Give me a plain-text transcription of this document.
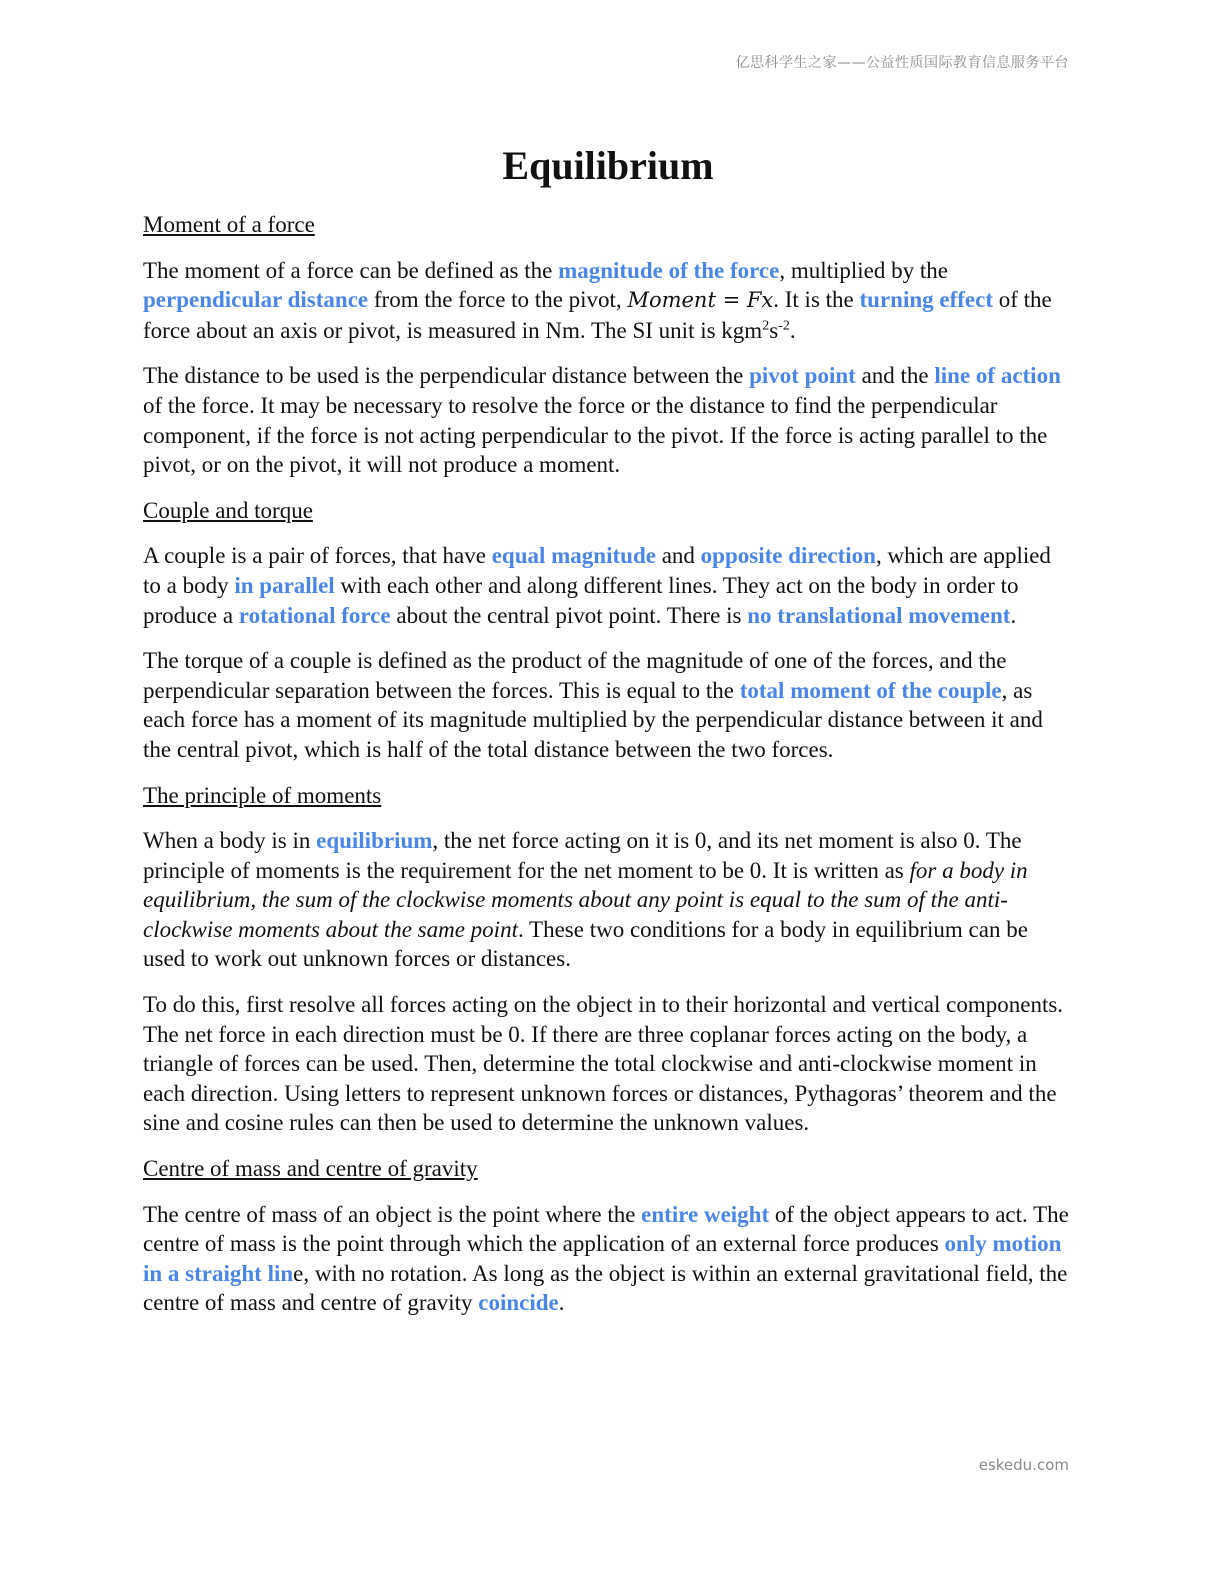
亿思科学生之家——公益性质国际教育信息服务平台
Equilibrium
Moment of a force

The moment of a force can be defined as the magnitude of the force, multiplied by the perpendicular distance from the force to the pivot, Moment = Fx. It is the turning effect of the force about an axis or pivot, is measured in Nm. The SI unit is $kgm^2s^{-2}$.

The distance to be used is the perpendicular distance between the pivot point and the line of action of the force. It may be necessary to resolve the force or the distance to find the perpendicular component, if the force is not acting perpendicular to the pivot. If the force is acting parallel to the pivot, or on the pivot, it will not produce a moment.

Couple and torque

A couple is a pair of forces, that have equal magnitude and opposite direction, which are applied to a body in parallel with each other and along different lines. They act on the body in order to produce a rotational force about the central pivot point. There is no translational movement.

The torque of a couple is defined as the product of the magnitude of one of the forces, and the perpendicular separation between the forces. This is equal to the total moment of the couple, as each force has a moment of its magnitude multiplied by the perpendicular distance between it and the central pivot, which is half of the total distance between the two forces.

The principle of moments

When a body is in equilibrium, the net force acting on it is 0, and its net moment is also 0. The principle of moments is the requirement for the net moment to be 0. It is written as for a body in equilibrium, the sum of the clockwise moments about any point is equal to the sum of the anti-clockwise moments about the same point. These two conditions for a body in equilibrium can be used to work out unknown forces or distances.

To do this, first resolve all forces acting on the object in to their horizontal and vertical components. The net force in each direction must be 0. If there are three coplanar forces acting on the body, a triangle of forces can be used. Then, determine the total clockwise and anti-clockwise moment in each direction. Using letters to represent unknown forces or distances, Pythagoras’ theorem and the sine and cosine rules can then be used to determine the unknown values.

Centre of mass and centre of gravity

The centre of mass of an object is the point where the entire weight of the object appears to act. The centre of mass is the point through which the application of an external force produces only motion in a straight line, with no rotation. As long as the object is within an external gravitational field, the centre of mass and centre of gravity coincide.

eskedu.com
